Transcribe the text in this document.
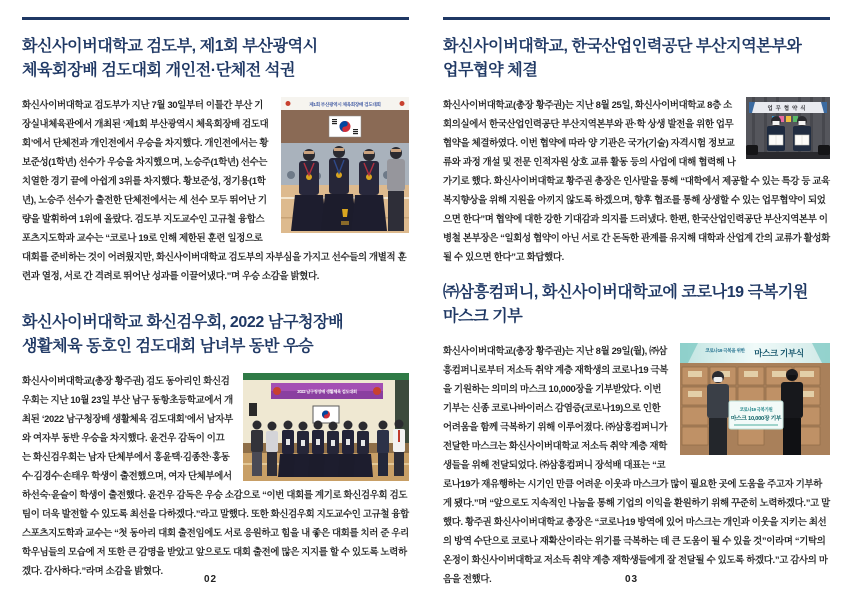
화신사이버대학교 검도부, 제1회 부산광역시
체육회장배 검도대회 개인전·단체전 석권
제1회 부산광역시 체육회장배 검도대회
화신사이버대학교 검도부가 지난 7월 30일부터 이틀간 부산 기장실내체육관에서 개최된 ‘제1회 부산광역시 체육회장배 검도대회’에서 단체전과 개인전에서 우승을 차지했다. 개인전에서는 황보준성(1학년) 선수가 우승을 차지했으며, 노승주(1학년) 선수는 치열한 경기 끝에 아쉽게 3위를 차지했다. 황보준성, 정기용(1학년), 노승주 선수가 출전한 단체전에서는 세 선수 모두 뛰어난 기량을 발휘하여 1위에 올랐다. 검도부 지도교수인 고규철 융합스포츠지도학과 교수는 “코로나 19로 인해 제한된 훈련 일정으로 대회를 준비하는 것이 어려웠지만, 화신사이버대학교 검도부의 자부심을 가지고 선수들의 개별적 훈련과 열정, 서로 간 격려로 뛰어난 성과를 이끌어냈다.”며 우승 소감을 밝혔다.
화신사이버대학교 화신검우회, 2022 남구청장배
생활체육 동호인 검도대회 남녀부 동반 우승
2022 남구청장배 생활체육 검도대회
화신사이버대학교(총장 황주권) 검도 동아리인 화신검우회는 지난 10월 23일 부산 남구 동항초등학교에서 개최된 ‘2022 남구청장배 생활체육 검도대회’에서 남자부와 여자부 동반 우승을 차지했다. 윤건우 감독이 이끄는 화신검우회는 남자 단체부에서 홍윤택·김종찬·홍동수·김경수·손태우 학생이 출전했으며, 여자 단체부에서 하선숙·윤슬이 학생이 출전했다. 윤건우 감독은 우승 소감으로 “이번 대회를 계기로 화신검우회 검도팀이 더욱 발전할 수 있도록 최선을 다하겠다.”라고 말했다. 또한 화신검우회 지도교수인 고규철 융합스포츠지도학과 교수는 “첫 동아리 대회 출전임에도 서로 응원하고 힘을 내 좋은 대회를 치러 준 우리 학우님들의 모습에 저 또한 큰 감명을 받았고 앞으로도 대회 출전에 많은 지지를 할 수 있도록 노력하겠다. 감사하다.”라며 소감을 밝혔다.
02
화신사이버대학교, 한국산업인력공단 부산지역본부와
업무협약 체결
업무협약식
화신사이버대학교(총장 황주권)는 지난 8월 25일, 화신사이버대학교 8층 소회의실에서 한국산업인력공단 부산지역본부와 관·학 상생 발전을 위한 업무협약을 체결하였다. 이번 협약에 따라 양 기관은 국가(기술) 자격시험 정보교류와 과정 개설 및 전문 인적자원 상호 교류 활동 등의 사업에 대해 협력해 나가기로 했다. 화신사이버대학교 황주권 총장은 인사말을 통해 “대학에서 제공할 수 있는 특강 등 교육 복지향상을 위해 지원을 아끼지 않도록 하겠으며, 향후 협조를 통해 상생할 수 있는 업무협약이 되었으면 한다”며 협약에 대한 강한 기대감과 의지를 드러냈다. 한편, 한국산업인력공단 부산지역본부 이병철 본부장은 “일회성 협약이 아닌 서로 간 돈독한 관계를 유지해 대학과 산업계 간의 교류가 활성화될 수 있으면 한다”고 화답했다.
㈜삼흥컴퍼니, 화신사이버대학교에 코로나19 극복기원
마스크 기부
코로나19 극복을 위한 마스크 기부식
코로나19 극복기원
마스크 10,000장 기부
화신사이버대학교(총장 황주권)는 지난 8월 29일(월), ㈜삼흥컴퍼니로부터 저소득 취약 계층 재학생의 코로나19 극복을 기원하는 의미의 마스크 10,000장을 기부받았다. 이번 기부는 신종 코로나바이러스 감염증(코로나19)으로 인한 어려움을 함께 극복하기 위해 이루어졌다. ㈜삼흥컴퍼니가 전달한 마스크는 화신사이버대학교 저소득 취약 계층 재학생들을 위해 전달되었다. ㈜삼흥컴퍼니 장석배 대표는 “코로나19가 재유행하는 시기인 만큼 어려운 이웃과 마스크가 많이 필요한 곳에 도움을 주고자 기부하게 됐다.”며 “앞으로도 지속적인 나눔을 통해 기업의 이익을 환원하기 위해 꾸준히 노력하겠다.”고 말했다. 황주권 화신사이버대학교 총장은 “코로나19 방역에 있어 마스크는 개인과 이웃을 지키는 최선의 방역 수단으로 코로나 재확산이라는 위기를 극복하는 데 큰 도움이 될 수 있을 것”이라며 “기탁의 온정이 화신사이버대학교 저소득 취약 계층 재학생들에게 잘 전달될 수 있도록 하겠다.”고 감사의 마음을 전했다.	03
